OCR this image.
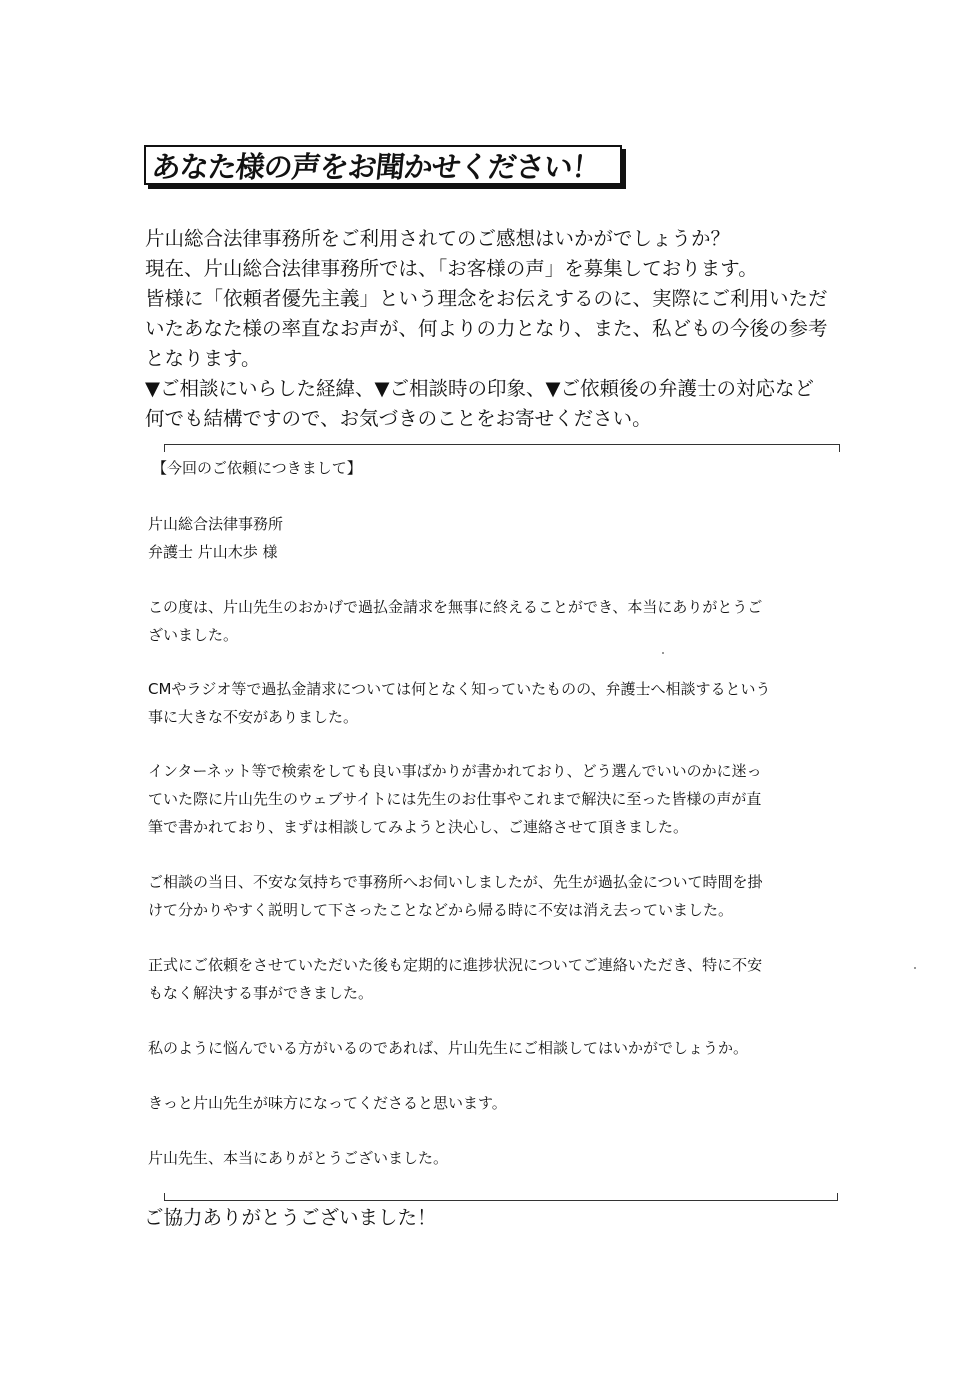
あなた様の声をお聞かせください！

片山総合法律事務所をご利用されてのご感想はいかがでしょうか？

現在、片山総合法律事務所では、「お客様の声」を募集しております。

皆様に「依頼者優先主義」という理念をお伝えするのに、実際にご利用いただ

いたあなた様の率直なお声が、何よりの力となり、また、私どもの今後の参考

となります。

▼ご相談にいらした経緯、▼ご相談時の印象、▼ご依頼後の弁護士の対応など

何でも結構ですので、お気づきのことをお寄せください。

【今回のご依頼につきまして】

片山総合法律事務所

弁護士 片山木歩 様

この度は、片山先生のおかげで過払金請求を無事に終えることができ、本当にありがとうご

ざいました。

CMやラジオ等で過払金請求については何となく知っていたものの、弁護士へ相談するという

事に大きな不安がありました。

インターネット等で検索をしても良い事ばかりが書かれており、どう選んでいいのかに迷っ

ていた際に片山先生のウェブサイトには先生のお仕事やこれまで解決に至った皆様の声が直

筆で書かれており、まずは相談してみようと決心し、ご連絡させて頂きました。

ご相談の当日、不安な気持ちで事務所へお伺いしましたが、先生が過払金について時間を掛

けて分かりやすく説明して下さったことなどから帰る時に不安は消え去っていました。

正式にご依頼をさせていただいた後も定期的に進捗状況についてご連絡いただき、特に不安

もなく解決する事ができました。

私のように悩んでいる方がいるのであれば、片山先生にご相談してはいかがでしょうか。

きっと片山先生が味方になってくださると思います。

片山先生、本当にありがとうございました。

ご協力ありがとうございました！
